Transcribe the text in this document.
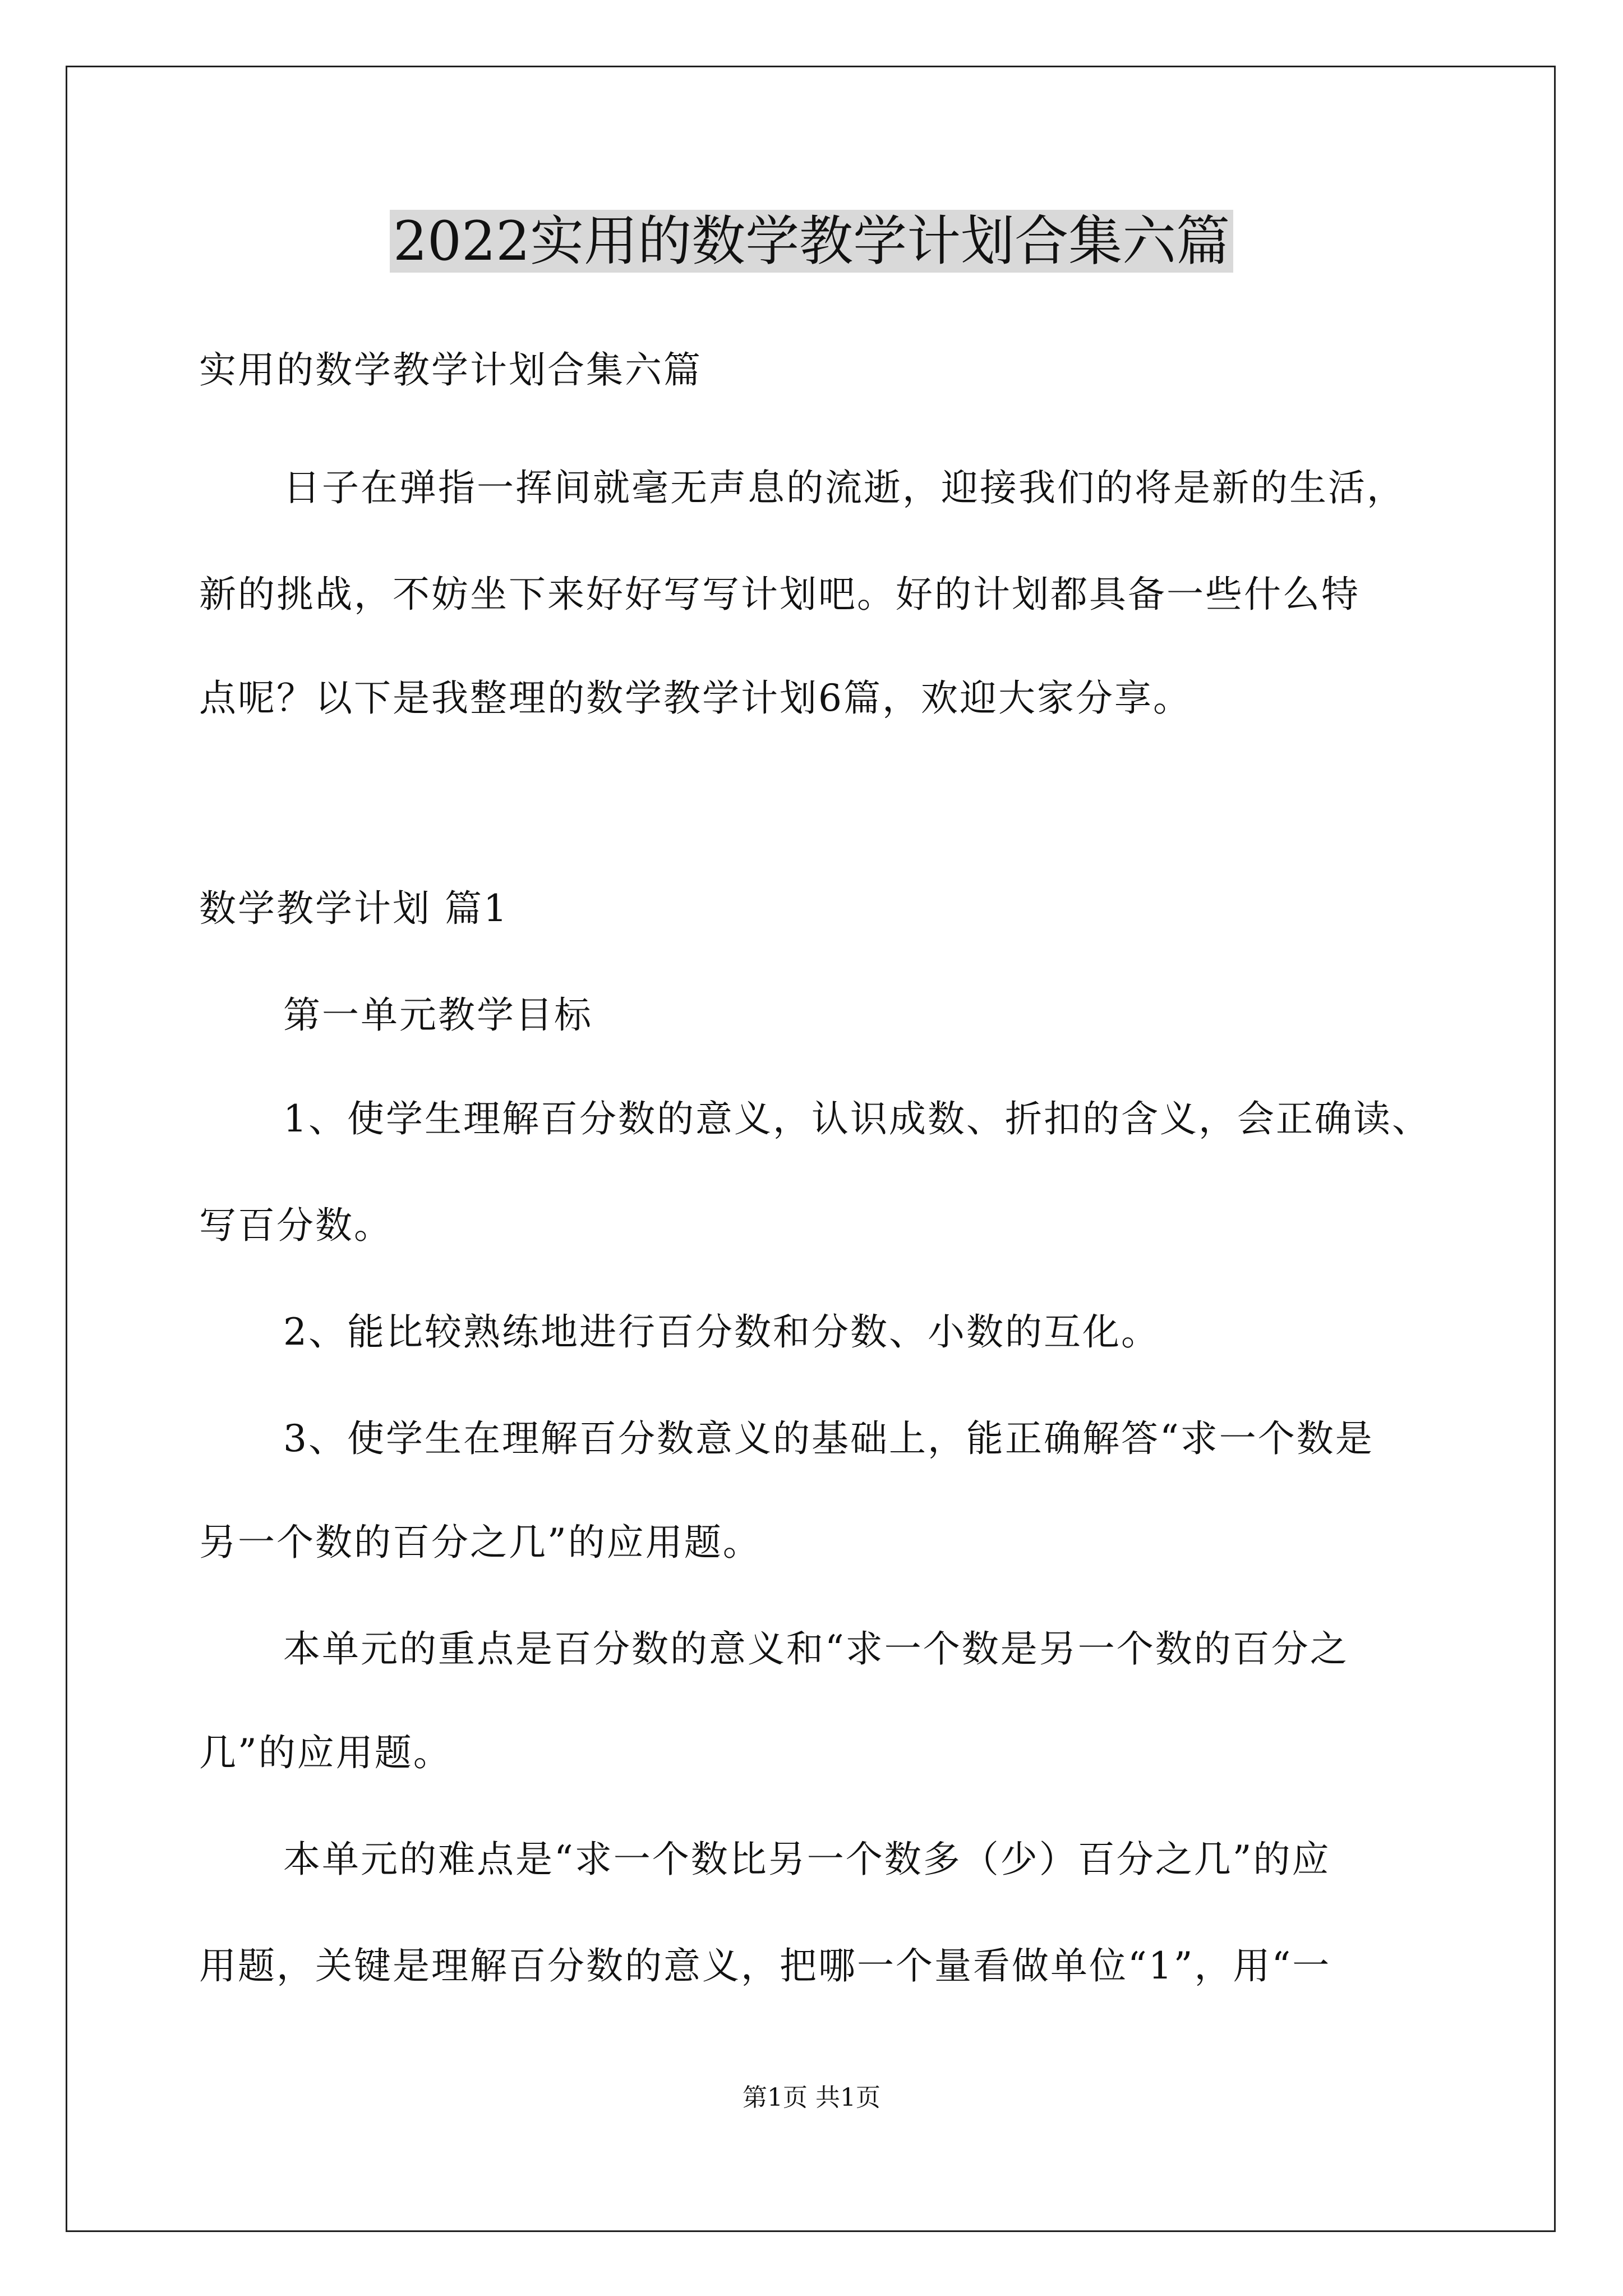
2022实用的数学教学计划合集六篇
实用的数学教学计划合集六篇
日子在弹指一挥间就毫无声息的流逝，迎接我们的将是新的生活，
新的挑战，不妨坐下来好好写写计划吧。好的计划都具备一些什么特
点呢？以下是我整理的数学教学计划6篇，欢迎大家分享。
数学教学计划 篇1
第一单元教学目标
1、使学生理解百分数的意义，认识成数、折扣的含义，会正确读、
写百分数。
2、能比较熟练地进行百分数和分数、小数的互化。
3、使学生在理解百分数意义的基础上，能正确解答“求一个数是
另一个数的百分之几”的应用题。
本单元的重点是百分数的意义和“求一个数是另一个数的百分之
几”的应用题。
本单元的难点是“求一个数比另一个数多（少）百分之几”的应
用题，关键是理解百分数的意义，把哪一个量看做单位“1”，用“一
第1页 共1页
